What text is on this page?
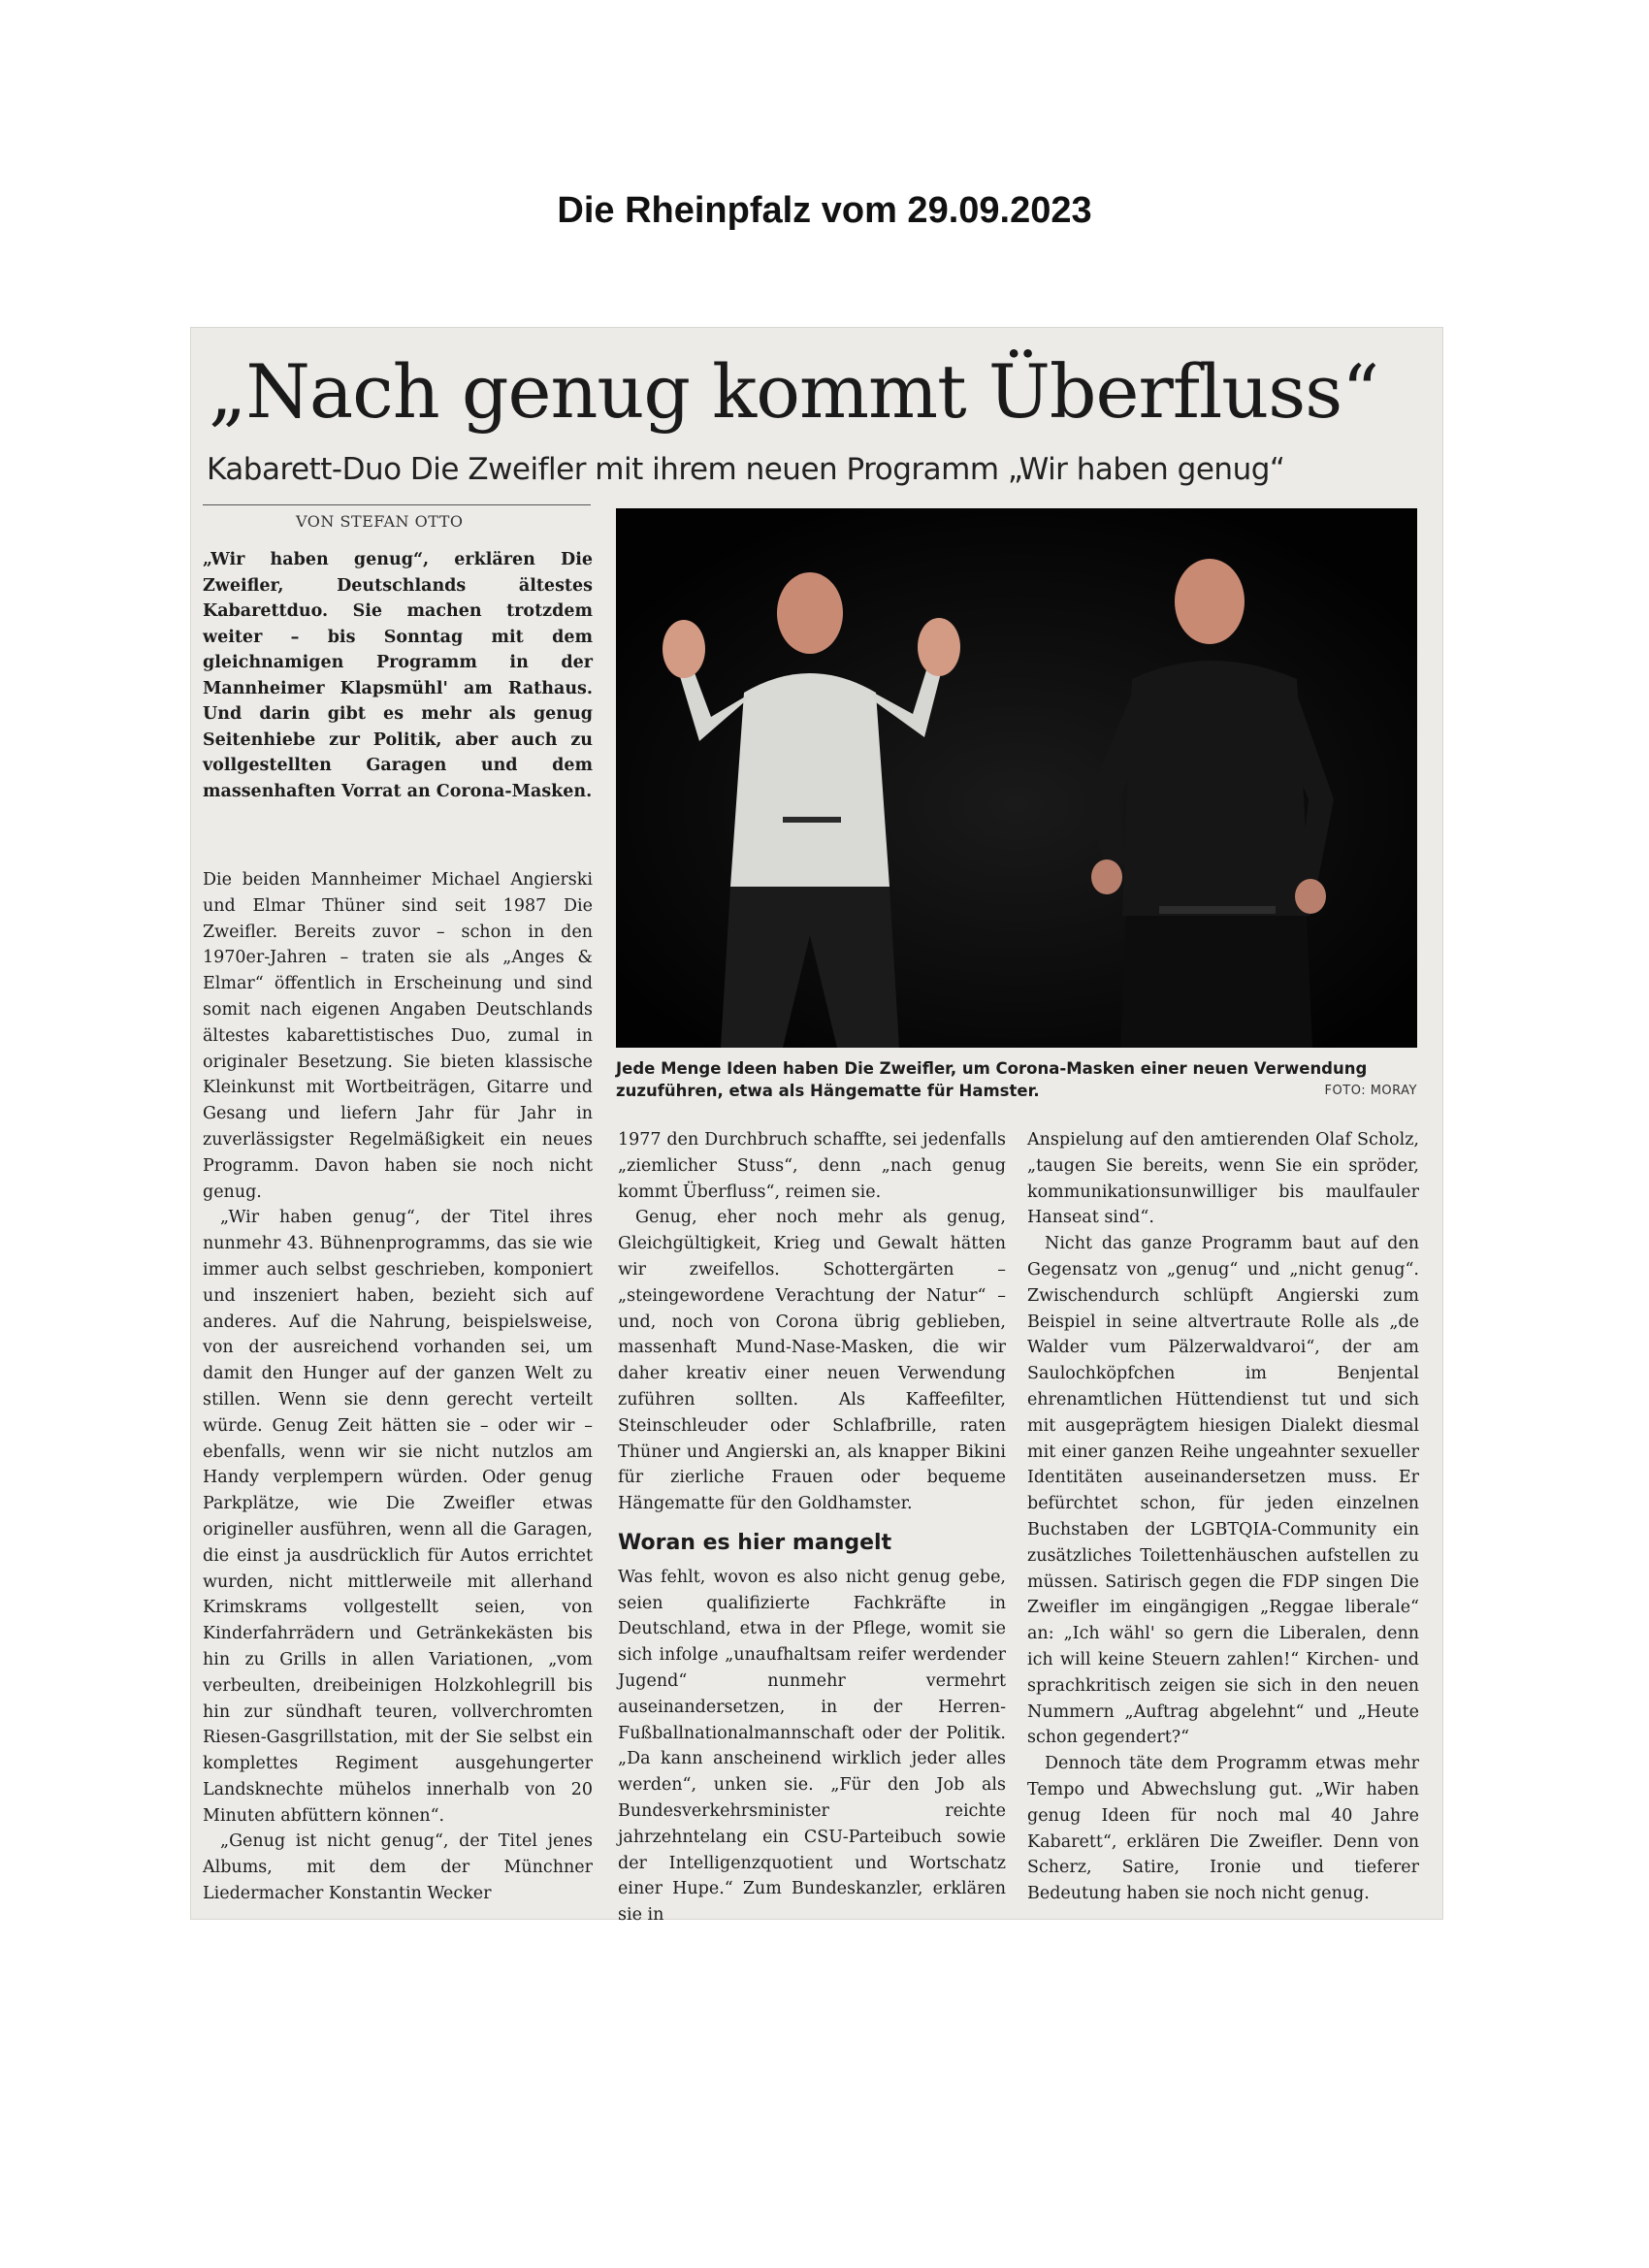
Die Rheinpfalz vom 29.09.2023
„Nach genug kommt Überfluss“
Kabarett-Duo Die Zweifler mit ihrem neuen Programm „Wir haben genug“
VON STEFAN OTTO

„Wir haben genug“, erklären Die Zweifler, Deutschlands ältestes Kabarettduo. Sie machen trotzdem weiter – bis Sonntag mit dem gleichnamigen Programm in der Mannheimer Klapsmühl' am Rathaus. Und darin gibt es mehr als genug Seitenhiebe zur Politik, aber auch zu vollgestellten Garagen und dem massenhaften Vorrat an Corona-Masken.

Die beiden Mannheimer Michael Angierski und Elmar Thüner sind seit 1987 Die Zweifler. Bereits zuvor – schon in den 1970er-Jahren – traten sie als „Anges & Elmar“ öffentlich in Erscheinung und sind somit nach eigenen Angaben Deutschlands ältestes kabarettistisches Duo, zumal in originaler Besetzung. Sie bieten klassische Kleinkunst mit Wortbeiträgen, Gitarre und Gesang und liefern Jahr für Jahr in zuverlässigster Regelmäßigkeit ein neues Programm. Davon haben sie noch nicht genug.

„Wir haben genug“, der Titel ihres nunmehr 43. Bühnenprogramms, das sie wie immer auch selbst geschrieben, komponiert und inszeniert haben, bezieht sich auf anderes. Auf die Nahrung, beispielsweise, von der ausreichend vorhanden sei, um damit den Hunger auf der ganzen Welt zu stillen. Wenn sie denn gerecht verteilt würde. Genug Zeit hätten sie – oder wir – ebenfalls, wenn wir sie nicht nutzlos am Handy verplempern würden. Oder genug Parkplätze, wie Die Zweifler etwas origineller ausführen, wenn all die Garagen, die einst ja ausdrücklich für Autos errichtet wurden, nicht mittlerweile mit allerhand Krimskrams vollgestellt seien, von Kinderfahrrädern und Getränkekästen bis hin zu Grills in allen Variationen, „vom verbeulten, dreibeinigen Holzkohlegrill bis hin zur sündhaft teuren, vollverchromten Riesen-Gasgrillstation, mit der Sie selbst ein komplettes Regiment ausgehungerter Landsknechte mühelos innerhalb von 20 Minuten abfüttern können“.

„Genug ist nicht genug“, der Titel jenes Albums, mit dem der Münchner Liedermacher Konstantin Wecker

Jede Menge Ideen haben Die Zweifler, um Corona-Masken einer neuen Verwendung zuzuführen, etwa als Hängematte für Hamster.	FOTO: MORAY

1977 den Durchbruch schaffte, sei jedenfalls „ziemlicher Stuss“, denn „nach genug kommt Überfluss“, reimen sie.

Genug, eher noch mehr als genug, Gleichgültigkeit, Krieg und Gewalt hätten wir zweifellos. Schottergärten – „steingewordene Verachtung der Natur“ – und, noch von Corona übrig geblieben, massenhaft Mund-Nase-Masken, die wir daher kreativ einer neuen Verwendung zuführen sollten. Als Kaffeefilter, Steinschleuder oder Schlafbrille, raten Thüner und Angierski an, als knapper Bikini für zierliche Frauen oder bequeme Hängematte für den Goldhamster.

Woran es hier mangelt

Was fehlt, wovon es also nicht genug gebe, seien qualifizierte Fachkräfte in Deutschland, etwa in der Pflege, womit sie sich infolge „unaufhaltsam reifer werdender Jugend“ nunmehr vermehrt auseinandersetzen, in der Herren-Fußballnationalmannschaft oder der Politik. „Da kann anscheinend wirklich jeder alles werden“, unken sie. „Für den Job als Bundesverkehrsminister reichte jahrzehntelang ein CSU-Parteibuch sowie der Intelligenzquotient und Wortschatz einer Hupe.“ Zum Bundeskanzler, erklären sie in

Anspielung auf den amtierenden Olaf Scholz, „taugen Sie bereits, wenn Sie ein spröder, kommunikationsunwilliger bis maulfauler Hanseat sind“.

Nicht das ganze Programm baut auf den Gegensatz von „genug“ und „nicht genug“. Zwischendurch schlüpft Angierski zum Beispiel in seine altvertraute Rolle als „de Walder vum Pälzerwaldvaroi“, der am Saulochköpfchen im Benjental ehrenamtlichen Hüttendienst tut und sich mit ausgeprägtem hiesigen Dialekt diesmal mit einer ganzen Reihe ungeahnter sexueller Identitäten auseinandersetzen muss. Er befürchtet schon, für jeden einzelnen Buchstaben der LGBTQIA-Community ein zusätzliches Toilettenhäuschen aufstellen zu müssen. Satirisch gegen die FDP singen Die Zweifler im eingängigen „Reggae liberale“ an: „Ich wähl' so gern die Liberalen, denn ich will keine Steuern zahlen!“ Kirchen- und sprachkritisch zeigen sie sich in den neuen Nummern „Auftrag abgelehnt“ und „Heute schon gegendert?“

Dennoch täte dem Programm etwas mehr Tempo und Abwechslung gut. „Wir haben genug Ideen für noch mal 40 Jahre Kabarett“, erklären Die Zweifler. Denn von Scherz, Satire, Ironie und tieferer Bedeutung haben sie noch nicht genug.
